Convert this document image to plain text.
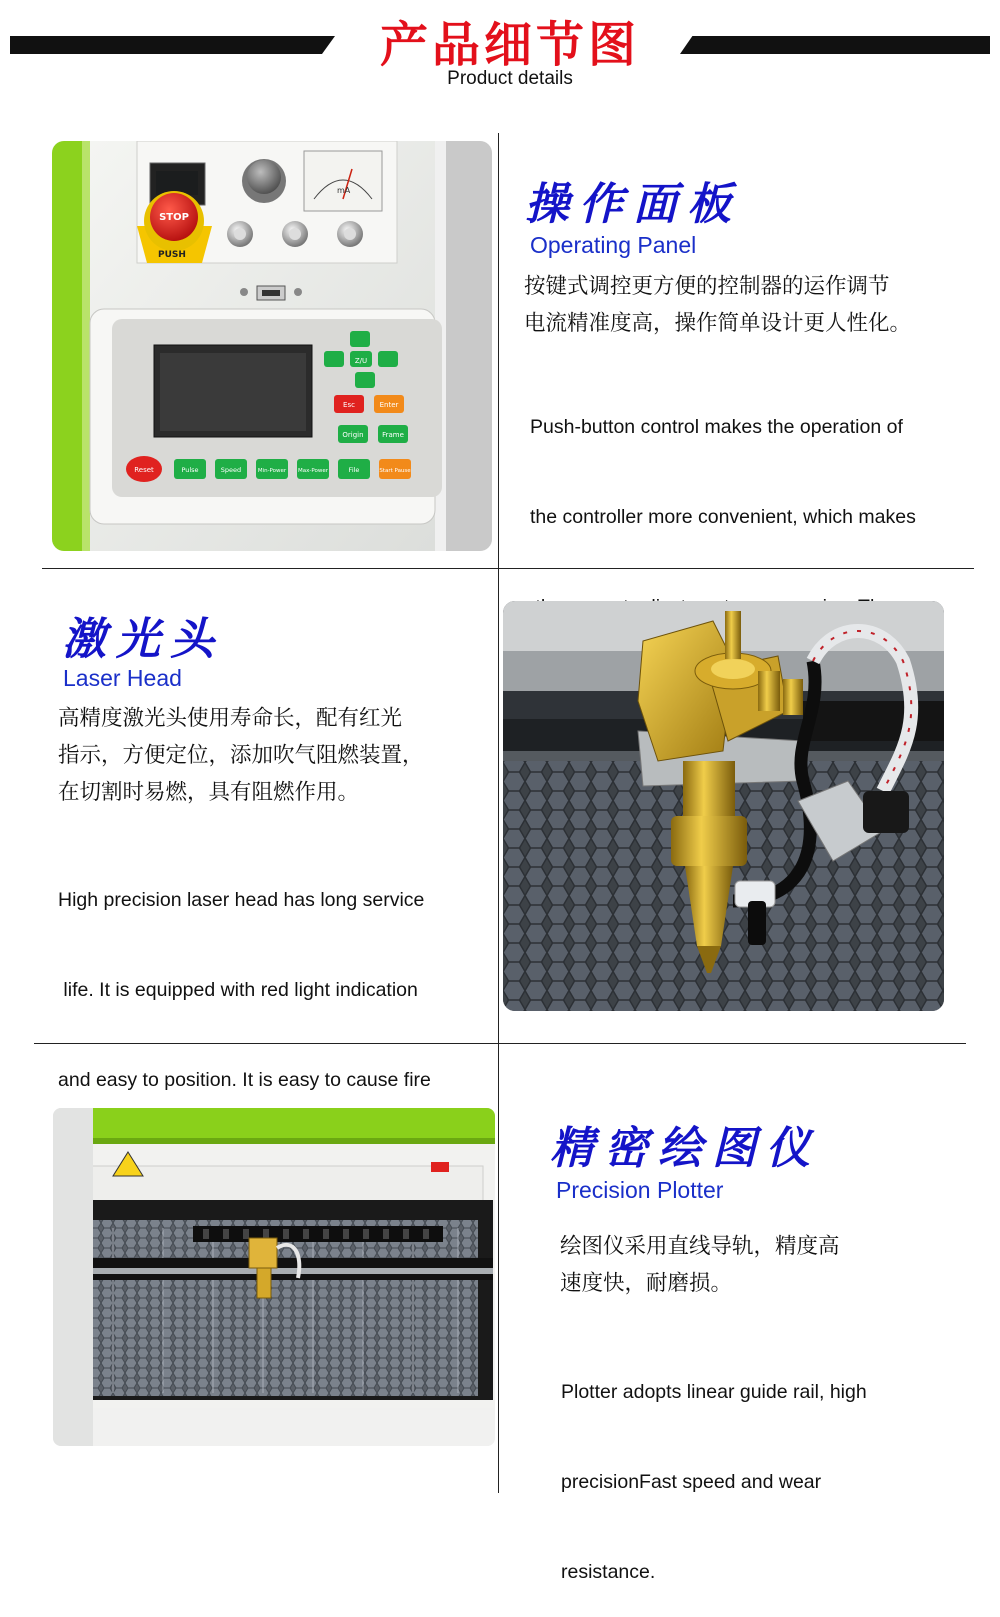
产品细节图
Product details
mA
STOP
PUSH
Z/U
Esc	Enter
Origin	Frame
Reset	Pulse	Speed	Min-Power Max-Power	File	Start Pause
操作面板
Operating Panel
按键式调控更方便的控制器的运作调节
电流精准度高，操作简单设计更人性化。

Push-button control makes the operation of

the controller more convenient, which makes

激光头
Laser Head
高精度激光头使用寿命长，配有红光
指示，方便定位，添加吹气阻燃装置，
在切割时易燃，具有阻燃作用。

High precision laser head has long service

life. It is equipped with red light indication

and easy to position. It is easy to cause fire

精密绘图仪
Precision Plotter
绘图仪采用直线导轨，精度高
速度快，耐磨损。

Plotter adopts linear guide rail, high

precisionFast speed and wear

resistance.
